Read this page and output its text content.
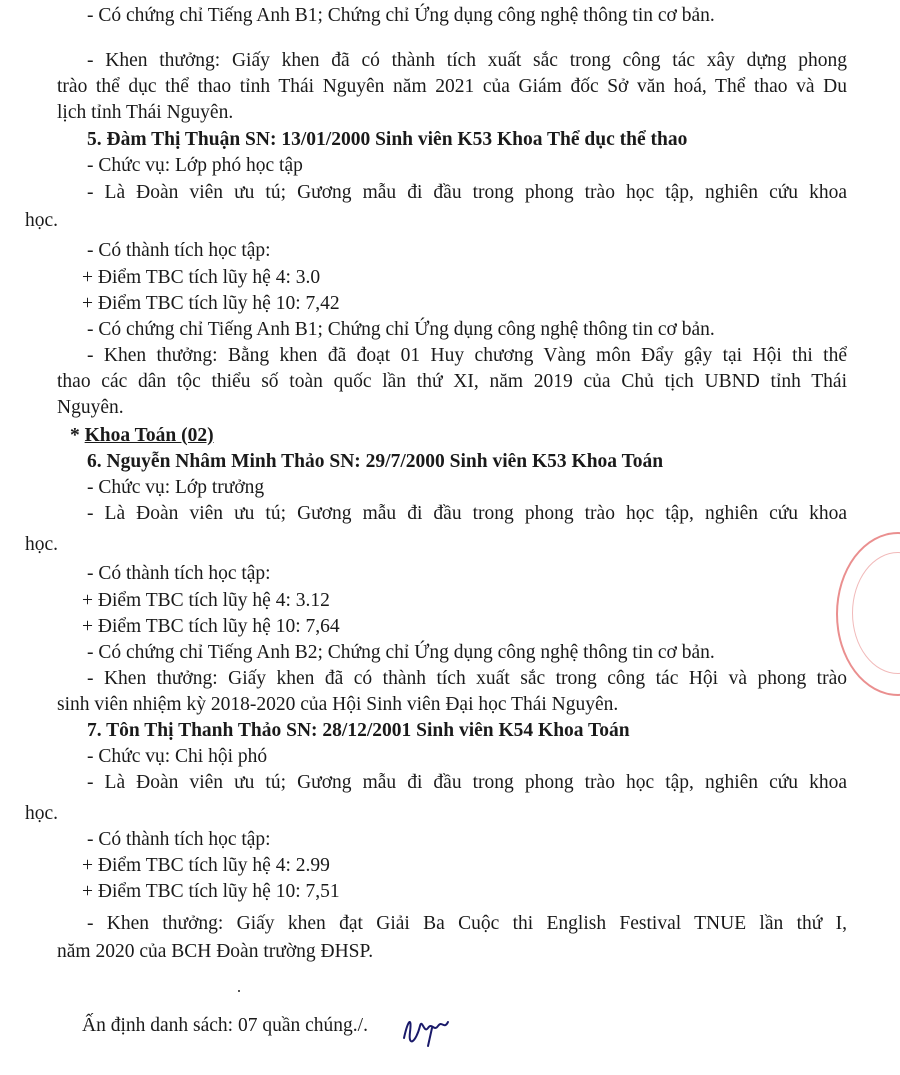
- Có chứng chỉ Tiếng Anh B1; Chứng chỉ Ứng dụng công nghệ thông tin cơ bản.
- Khen thưởng: Giấy khen đã có thành tích xuất sắc trong công tác xây dựng phong
trào thể dục thể thao tỉnh Thái Nguyên năm 2021 của Giám đốc Sở văn hoá, Thể thao và Du
lịch tỉnh Thái Nguyên.
5. Đàm Thị Thuận SN: 13/01/2000 Sinh viên K53 Khoa Thể dục thể thao
- Chức vụ: Lớp phó học tập
- Là Đoàn viên ưu tú; Gương mẫu đi đầu trong phong trào học tập, nghiên cứu khoa
học.
- Có thành tích học tập:
+ Điểm TBC tích lũy hệ 4: 3.0
+ Điểm TBC tích lũy hệ 10: 7,42
- Có chứng chỉ Tiếng Anh B1; Chứng chỉ Ứng dụng công nghệ thông tin cơ bản.
- Khen thưởng: Bằng khen đã đoạt 01 Huy chương Vàng môn Đẩy gậy tại Hội thi thể
thao các dân tộc thiểu số toàn quốc lần thứ XI, năm 2019 của Chủ tịch UBND tỉnh Thái
Nguyên.
* Khoa Toán (02)
6. Nguyễn Nhâm Minh Thảo SN: 29/7/2000 Sinh viên K53 Khoa Toán
- Chức vụ: Lớp trưởng
- Là Đoàn viên ưu tú; Gương mẫu đi đầu trong phong trào học tập, nghiên cứu khoa
học.
- Có thành tích học tập:
+ Điểm TBC tích lũy hệ 4: 3.12
+ Điểm TBC tích lũy hệ 10: 7,64
- Có chứng chỉ Tiếng Anh B2; Chứng chỉ Ứng dụng công nghệ thông tin cơ bản.
- Khen thưởng: Giấy khen đã có thành tích xuất sắc trong công tác Hội và phong trào
sinh viên nhiệm kỳ 2018-2020 của Hội Sinh viên Đại học Thái Nguyên.
7. Tôn Thị Thanh Thảo SN: 28/12/2001 Sinh viên K54 Khoa Toán
- Chức vụ: Chi hội phó
- Là Đoàn viên ưu tú; Gương mẫu đi đầu trong phong trào học tập, nghiên cứu khoa
học.
- Có thành tích học tập:
+ Điểm TBC tích lũy hệ 4: 2.99
+ Điểm TBC tích lũy hệ 10: 7,51
- Khen thưởng: Giấy khen đạt Giải Ba Cuộc thi English Festival TNUE lần thứ I,
năm 2020 của BCH Đoàn trường ĐHSP.
Ấn định danh sách: 07 quần chúng./.
